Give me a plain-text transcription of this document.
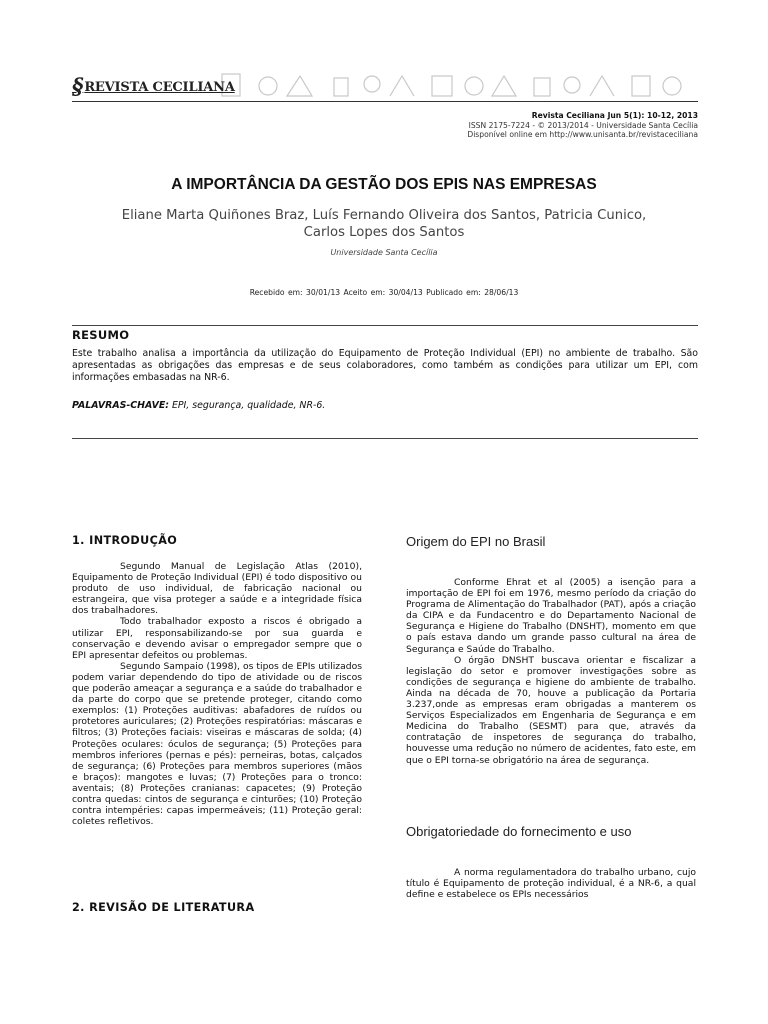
§REVISTA CECILIANA
Revista Ceciliana Jun 5(1): 10-12, 2013
ISSN 2175-7224 - © 2013/2014 - Universidade Santa Cecília
Disponível online em http://www.unisanta.br/revistaceciliana
A IMPORTÂNCIA DA GESTÃO DOS EPIS NAS EMPRESAS
Eliane Marta Quiñones Braz, Luís Fernando Oliveira dos Santos, Patricia Cunico, Carlos Lopes dos Santos
Universidade Santa Cecília
Recebido em: 30/01/13 Aceito em: 30/04/13 Publicado em: 28/06/13
RESUMO
Este trabalho analisa a importância da utilização do Equipamento de Proteção Individual (EPI) no ambiente de trabalho. São apresentadas as obrigações das empresas e de seus colaboradores, como também as condições para utilizar um EPI, com informações embasadas na NR-6.
PALAVRAS-CHAVE: EPI, segurança, qualidade, NR-6.
1. INTRODUÇÃO

Segundo Manual de Legislação Atlas (2010), Equipamento de Proteção Individual (EPI) é todo dispositivo ou produto de uso individual, de fabricação nacional ou estrangeira, que visa proteger a saúde e a integridade física dos trabalhadores.

Todo trabalhador exposto a riscos é obrigado a utilizar EPI, responsabilizando-se por sua guarda e conservação e devendo avisar o empregador sempre que o EPI apresentar defeitos ou problemas.

Segundo Sampaio (1998), os tipos de EPIs utilizados podem variar dependendo do tipo de atividade ou de riscos que poderão ameaçar a segurança e a saúde do trabalhador e da parte do corpo que se pretende proteger, citando como exemplos: (1) Proteções auditivas: abafadores de ruídos ou protetores auriculares; (2) Proteções respiratórias: máscaras e filtros; (3) Proteções faciais: viseiras e máscaras de solda; (4) Proteções oculares: óculos de segurança; (5) Proteções para membros inferiores (pernas e pés): perneiras, botas, calçados de segurança; (6) Proteções para membros superiores (mãos e braços): mangotes e luvas; (7) Proteções para o tronco: aventais; (8) Proteções cranianas: capacetes; (9) Proteção contra quedas: cintos de segurança e cinturões; (10) Proteção contra intempéries: capas impermeáveis; (11) Proteção geral: coletes refletivos.

2. REVISÃO DE LITERATURA
Origem do EPI no Brasil

Conforme Ehrat et al (2005) a isenção para a importação de EPI foi em 1976, mesmo período da criação do Programa de Alimentação do Trabalhador (PAT), após a criação da CIPA e da Fundacentro e do Departamento Nacional de Segurança e Higiene do Trabalho (DNSHT), momento em que o país estava dando um grande passo cultural na área de Segurança e Saúde do Trabalho.

O órgão DNSHT buscava orientar e fiscalizar a legislação do setor e promover investigações sobre as condições de segurança e higiene do ambiente de trabalho. Ainda na década de 70, houve a publicação da Portaria 3.237,onde as empresas eram obrigadas a manterem os Serviços Especializados em Engenharia de Segurança e em Medicina do Trabalho (SESMT) para que, através da contratação de inspetores de segurança do trabalho, houvesse uma redução no número de acidentes, fato este, em que o EPI torna-se obrigatório na área de segurança.

Obrigatoriedade do fornecimento e uso

A norma regulamentadora do trabalho urbano, cujo título é Equipamento de proteção individual, é a NR-6, a qual define e estabelece os EPIs necessários
